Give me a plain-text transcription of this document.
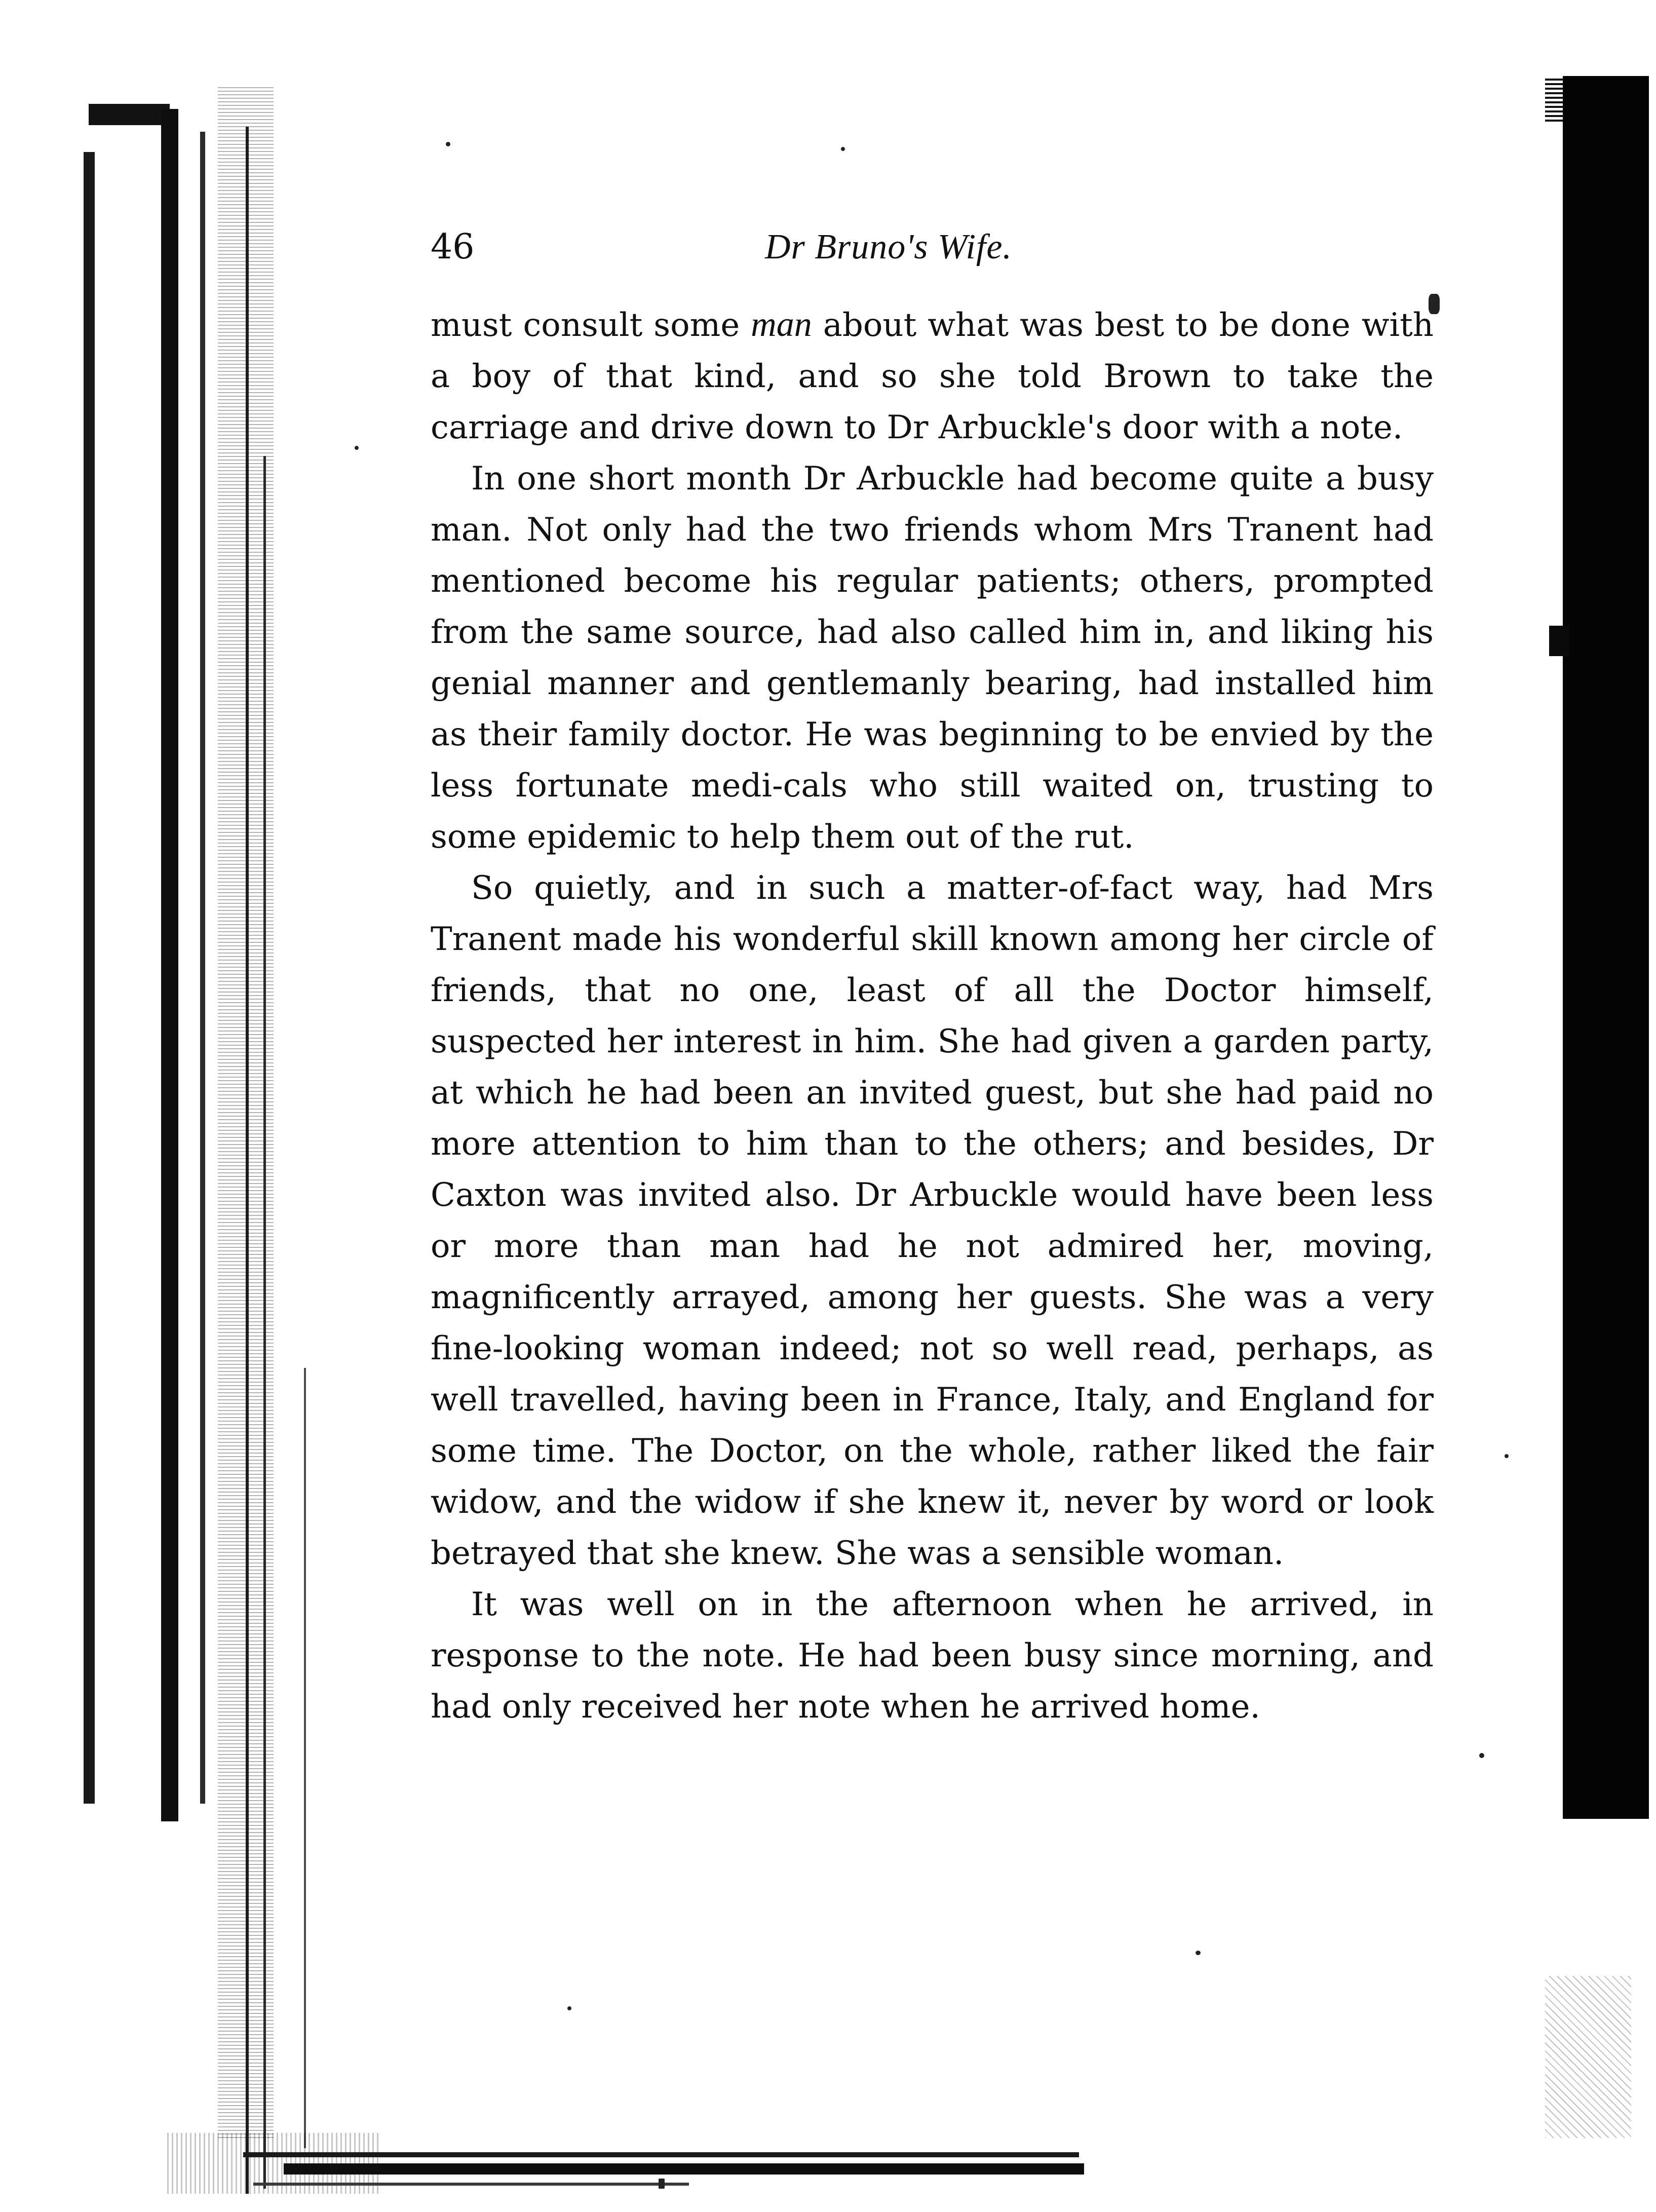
46	Dr Bruno's Wife.

must consult some man about what was best to be done with a boy of that kind, and so she told Brown to take the carriage and drive down to Dr Arbuckle's door with a note.

In one short month Dr Arbuckle had become quite a busy man. Not only had the two friends whom Mrs Tranent had mentioned become his regular patients; others, prompted from the same source, had also called him in, and liking his genial manner and gentlemanly bearing, had installed him as their family doctor. He was beginning to be envied by the less fortunate medi-cals who still waited on, trusting to some epidemic to help them out of the rut.

So quietly, and in such a matter-of-fact way, had Mrs Tranent made his wonderful skill known among her circle of friends, that no one, least of all the Doctor himself, suspected her interest in him. She had given a garden party, at which he had been an invited guest, but she had paid no more attention to him than to the others; and besides, Dr Caxton was invited also. Dr Arbuckle would have been less or more than man had he not admired her, moving, magnificently arrayed, among her guests. She was a very fine-looking woman indeed; not so well read, perhaps, as well travelled, having been in France, Italy, and England for some time. The Doctor, on the whole, rather liked the fair widow, and the widow if she knew it, never by word or look betrayed that she knew. She was a sensible woman.

It was well on in the afternoon when he arrived, in response to the note. He had been busy since morning, and had only received her note when he arrived home.
